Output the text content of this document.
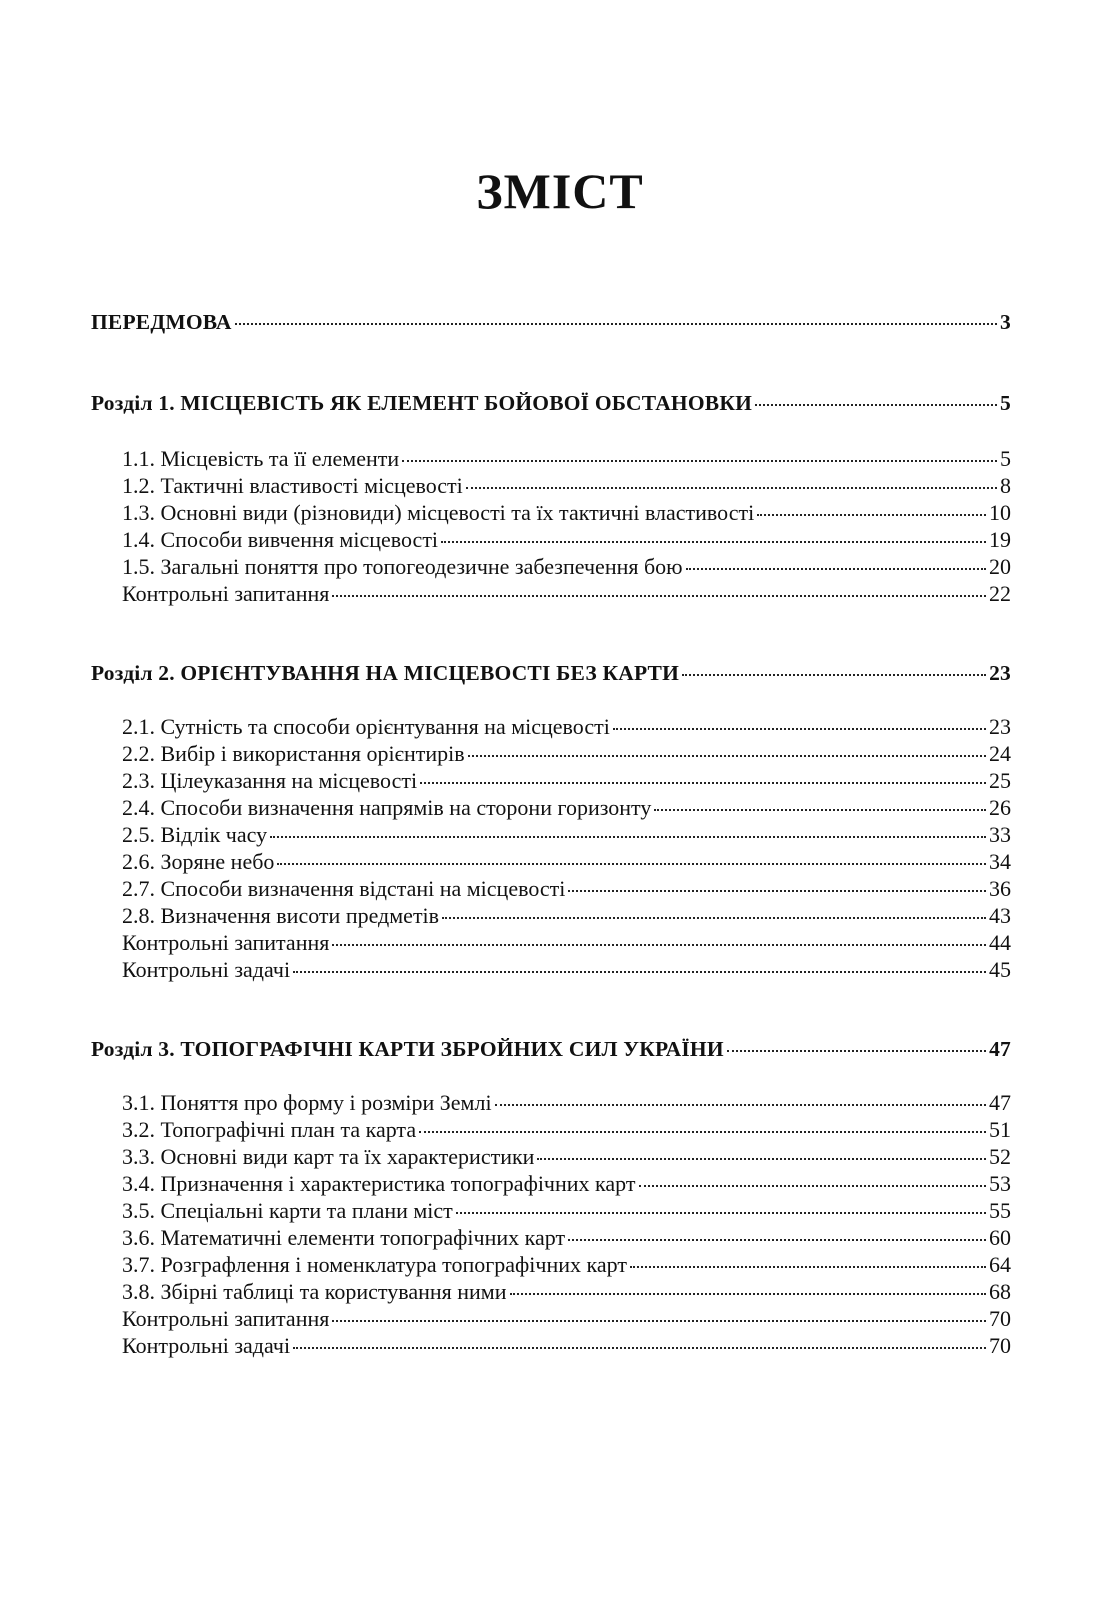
ЗМІСТ
ПЕРЕДМОВА	3
Розділ 1. МІСЦЕВІСТЬ ЯК ЕЛЕМЕНТ БОЙОВОЇ ОБСТАНОВКИ	5
1.1. Місцевість та її елементи	5
1.2. Тактичні властивості місцевості	8
1.3. Основні види (різновиди) місцевості та їх тактичні властивості	10
1.4. Способи вивчення місцевості	19
1.5. Загальні поняття про топогеодезичне забезпечення бою	20
Контрольні запитання	22
Розділ 2. ОРІЄНТУВАННЯ НА МІСЦЕВОСТІ БЕЗ КАРТИ	23
2.1. Сутність та способи орієнтування на місцевості	23
2.2. Вибір і використання орієнтирів	24
2.3. Цілеуказання на місцевості	25
2.4. Способи визначення напрямів на сторони горизонту	26
2.5. Відлік часу	33
2.6. Зоряне небо	34
2.7. Способи визначення відстані на місцевості	36
2.8. Визначення висоти предметів	43
Контрольні запитання	44
Контрольні задачі	45
Розділ 3. ТОПОГРАФІЧНІ КАРТИ ЗБРОЙНИХ СИЛ УКРАЇНИ	47
3.1. Поняття про форму і розміри Землі	47
3.2. Топографічні план та карта	51
3.3. Основні види карт та їх характеристики	52
3.4. Призначення і характеристика топографічних карт	53
3.5. Спеціальні карти та плани міст	55
3.6. Математичні елементи топографічних карт	60
3.7. Розграфлення і номенклатура топографічних карт	64
3.8. Збірні таблиці та користування ними	68
Контрольні запитання	70
Контрольні задачі	70
